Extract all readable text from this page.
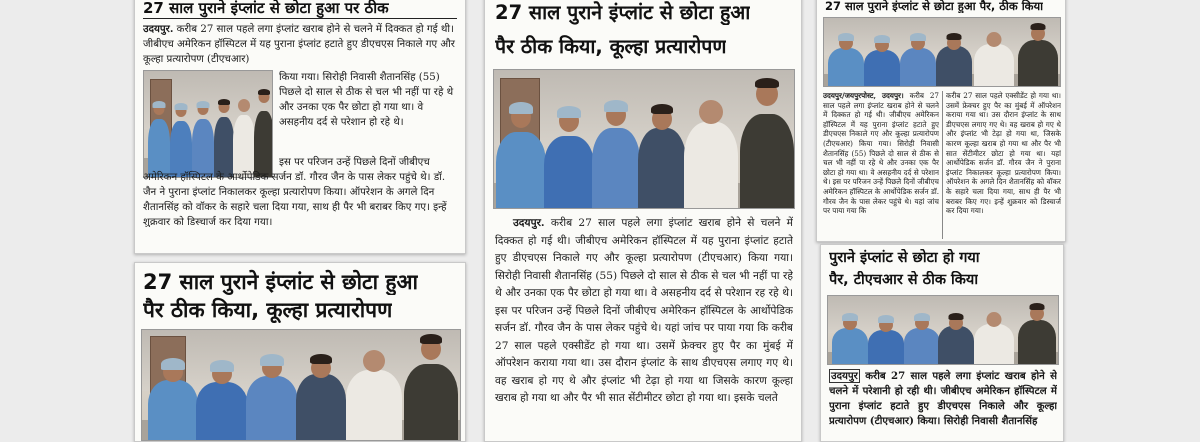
27 साल पुराने इंप्लांट से छोटा हुआ पर ठीक
उदयपुर. करीब 27 साल पहले लगा इंप्लांट खराब होने से चलने में दिक्कत हो गई थी। जीबीएच अमेरिकन हॉस्पिटल में यह पुराना इंप्लांट हटाते हुए डीएचएस निकाले गए और कूल्हा प्रत्यारोपण (टीएचआर)
किया गया। सिरोही निवासी शैतानसिंह (55) पिछले दो साल से ठीक से चल भी नहीं पा रहे थे और उनका एक पैर छोटा हो गया था। वे असहनीय दर्द से परेशान हो रहे थे।
इस पर परिजन उन्हें पिछले दिनों जीबीएच अमेरिकन हॉस्पिटल के आर्थोपेडिक सर्जन डॉ. गौरव जैन के पास लेकर पहुंचे थे। डॉ. जैन ने पुराना इंप्लांट निकालकर कूल्हा प्रत्यारोपण किया। ऑपरेशन के अगले दिन शैतानसिंह को वॉकर के सहारे चला दिया गया, साथ ही पैर भी बराबर किए गए। इन्हें शुक्रवार को डिस्चार्ज कर दिया गया।
27 साल पुराने इंप्लांट से छोटा हुआ
पैर ठीक किया, कूल्हा प्रत्यारोपण
27 साल पुराने इंप्लांट से छोटा हुआ
पैर ठीक किया, कूल्हा प्रत्यारोपण
उदयपुर. करीब 27 साल पहले लगा इंप्लांट खराब होने से चलने में दिक्कत हो गई थी। जीबीएच अमेरिकन हॉस्पिटल में यह पुराना इंप्लांट हटाते हुए डीएचएस निकाले गए और कूल्हा प्रत्यारोपण (टीएचआर) किया गया। सिरोही निवासी शैतानसिंह (55) पिछले दो साल से ठीक से चल भी नहीं पा रहे थे और उनका एक पैर छोटा हो गया था। वे असहनीय दर्द से परेशान रह रहे थे। इस पर परिजन उन्हें पिछले दिनों जीबीएच अमेरिकन हॉस्पिटल के आर्थोपेडिक सर्जन डॉ. गौरव जैन के पास लेकर पहुंचे थे। यहां जांच पर पाया गया कि करीब 27 साल पहले एक्सीडेंट हो गया था। उसमें फ्रेक्चर हुए पैर का मुंबई में ऑपरेशन कराया गया था। उस दौरान इंप्लांट के साथ डीएचएस लगाए गए थे। वह खराब हो गए थे और इंप्लांट भी टेढ़ा हो गया था जिसके कारण कूल्हा खराब हो गया था और पैर भी सात सेंटीमीटर छोटा हो गया था। इसके चलते
27 साल पुराने इंप्लांट से छोटा हुआ पैर, ठीक किया
उदयपुर/जयपुरपोस्ट, उदयपुर। करीब 27 साल पहले लगा इंप्लांट खराब होने से चलने में दिक्कत हो गई थी। जीबीएच अमेरिकन हॉस्पिटल में यह पुराना इंप्लांट हटाते हुए डीएचएस निकाले गए और कूल्हा प्रत्यारोपण (टीएचआर) किया गया। सिरोही निवासी शैतानसिंह (55) पिछले दो साल से ठीक से चल भी नहीं पा रहे थे और उनका एक पैर छोटा हो गया था। वे असहनीय दर्द से परेशान थे। इस पर परिजन उन्हें पिछले दिनों जीबीएच अमेरिकन हॉस्पिटल के आर्थोपेडिक सर्जन डॉ. गौरव जैन के पास लेकर पहुंचे थे। यहां जांच पर पाया गया कि
करीब 27 साल पहले एक्सीडेंट हो गया था। उसमें फ्रेक्चर हुए पैर का मुंबई में ऑपरेशन कराया गया था। उस दौरान इंप्लांट के साथ डीएचएस लगाए गए थे। वह खराब हो गए थे और इंप्लांट भी टेढ़ा हो गया था, जिसके कारण कूल्हा खराब हो गया था और पैर भी सात सेंटीमीटर छोटा हो गया था। यहां आर्थोपेडिक सर्जन डॉ. गौरव जैन ने पुराना इंप्लांट निकालकर कूल्हा प्रत्यारोपण किया। ऑपरेशन के अगले दिन शैतानसिंह को वॉकर के सहारे चला दिया गया, साथ ही पैर भी बराबर किए गए। इन्हें शुक्रवार को डिस्चार्ज कर दिया गया।
पुराने इंप्लांट से छोटा हो गया
पैर, टीएचआर से ठीक किया
उदयपुर करीब 27 साल पहले लगा इंप्लांट खराब होने से चलने में परेशानी हो रही थी। जीबीएच अमेरिकन हॉस्पिटल में पुराना इंप्लांट हटाते हुए डीएचएस निकाले और कूल्हा प्रत्यारोपण (टीएचआर) किया। सिरोही निवासी शैतानसिंह
